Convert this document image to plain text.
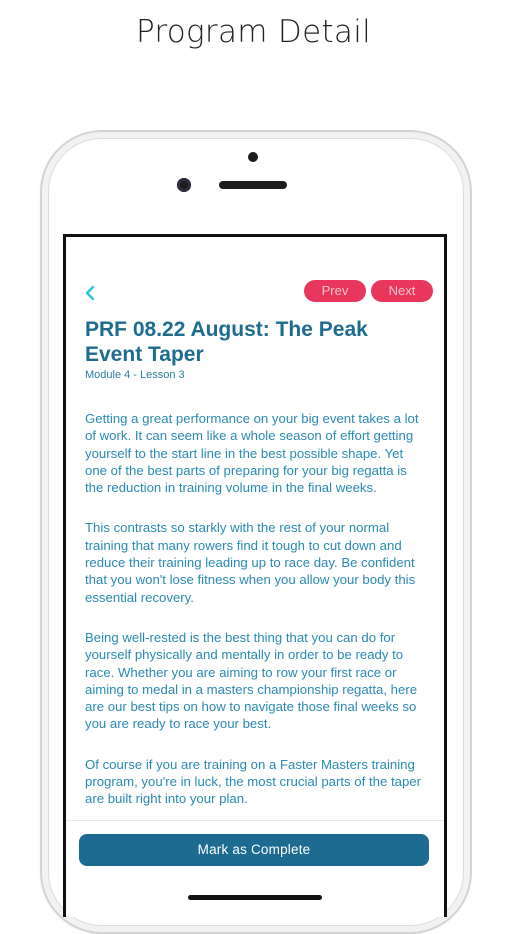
Program Detail
Prev	Next
PRF 08.22 August: The Peak Event Taper
Module 4 - Lesson 3

Getting a great performance on your big event takes a lot of work. It can seem like a whole season of effort getting yourself to the start line in the best possible shape. Yet one of the best parts of preparing for your big regatta is the reduction in training volume in the final weeks.

This contrasts so starkly with the rest of your normal training that many rowers find it tough to cut down and reduce their training leading up to race day. Be confident that you won't lose fitness when you allow your body this essential recovery.

Being well-rested is the best thing that you can do for yourself physically and mentally in order to be ready to race. Whether you are aiming to row your first race or aiming to medal in a masters championship regatta, here are our best tips on how to navigate those final weeks so you are ready to race your best.

Of course if you are training on a Faster Masters training program, you're in luck, the most crucial parts of the taper are built right into your plan.

Mark as Complete
